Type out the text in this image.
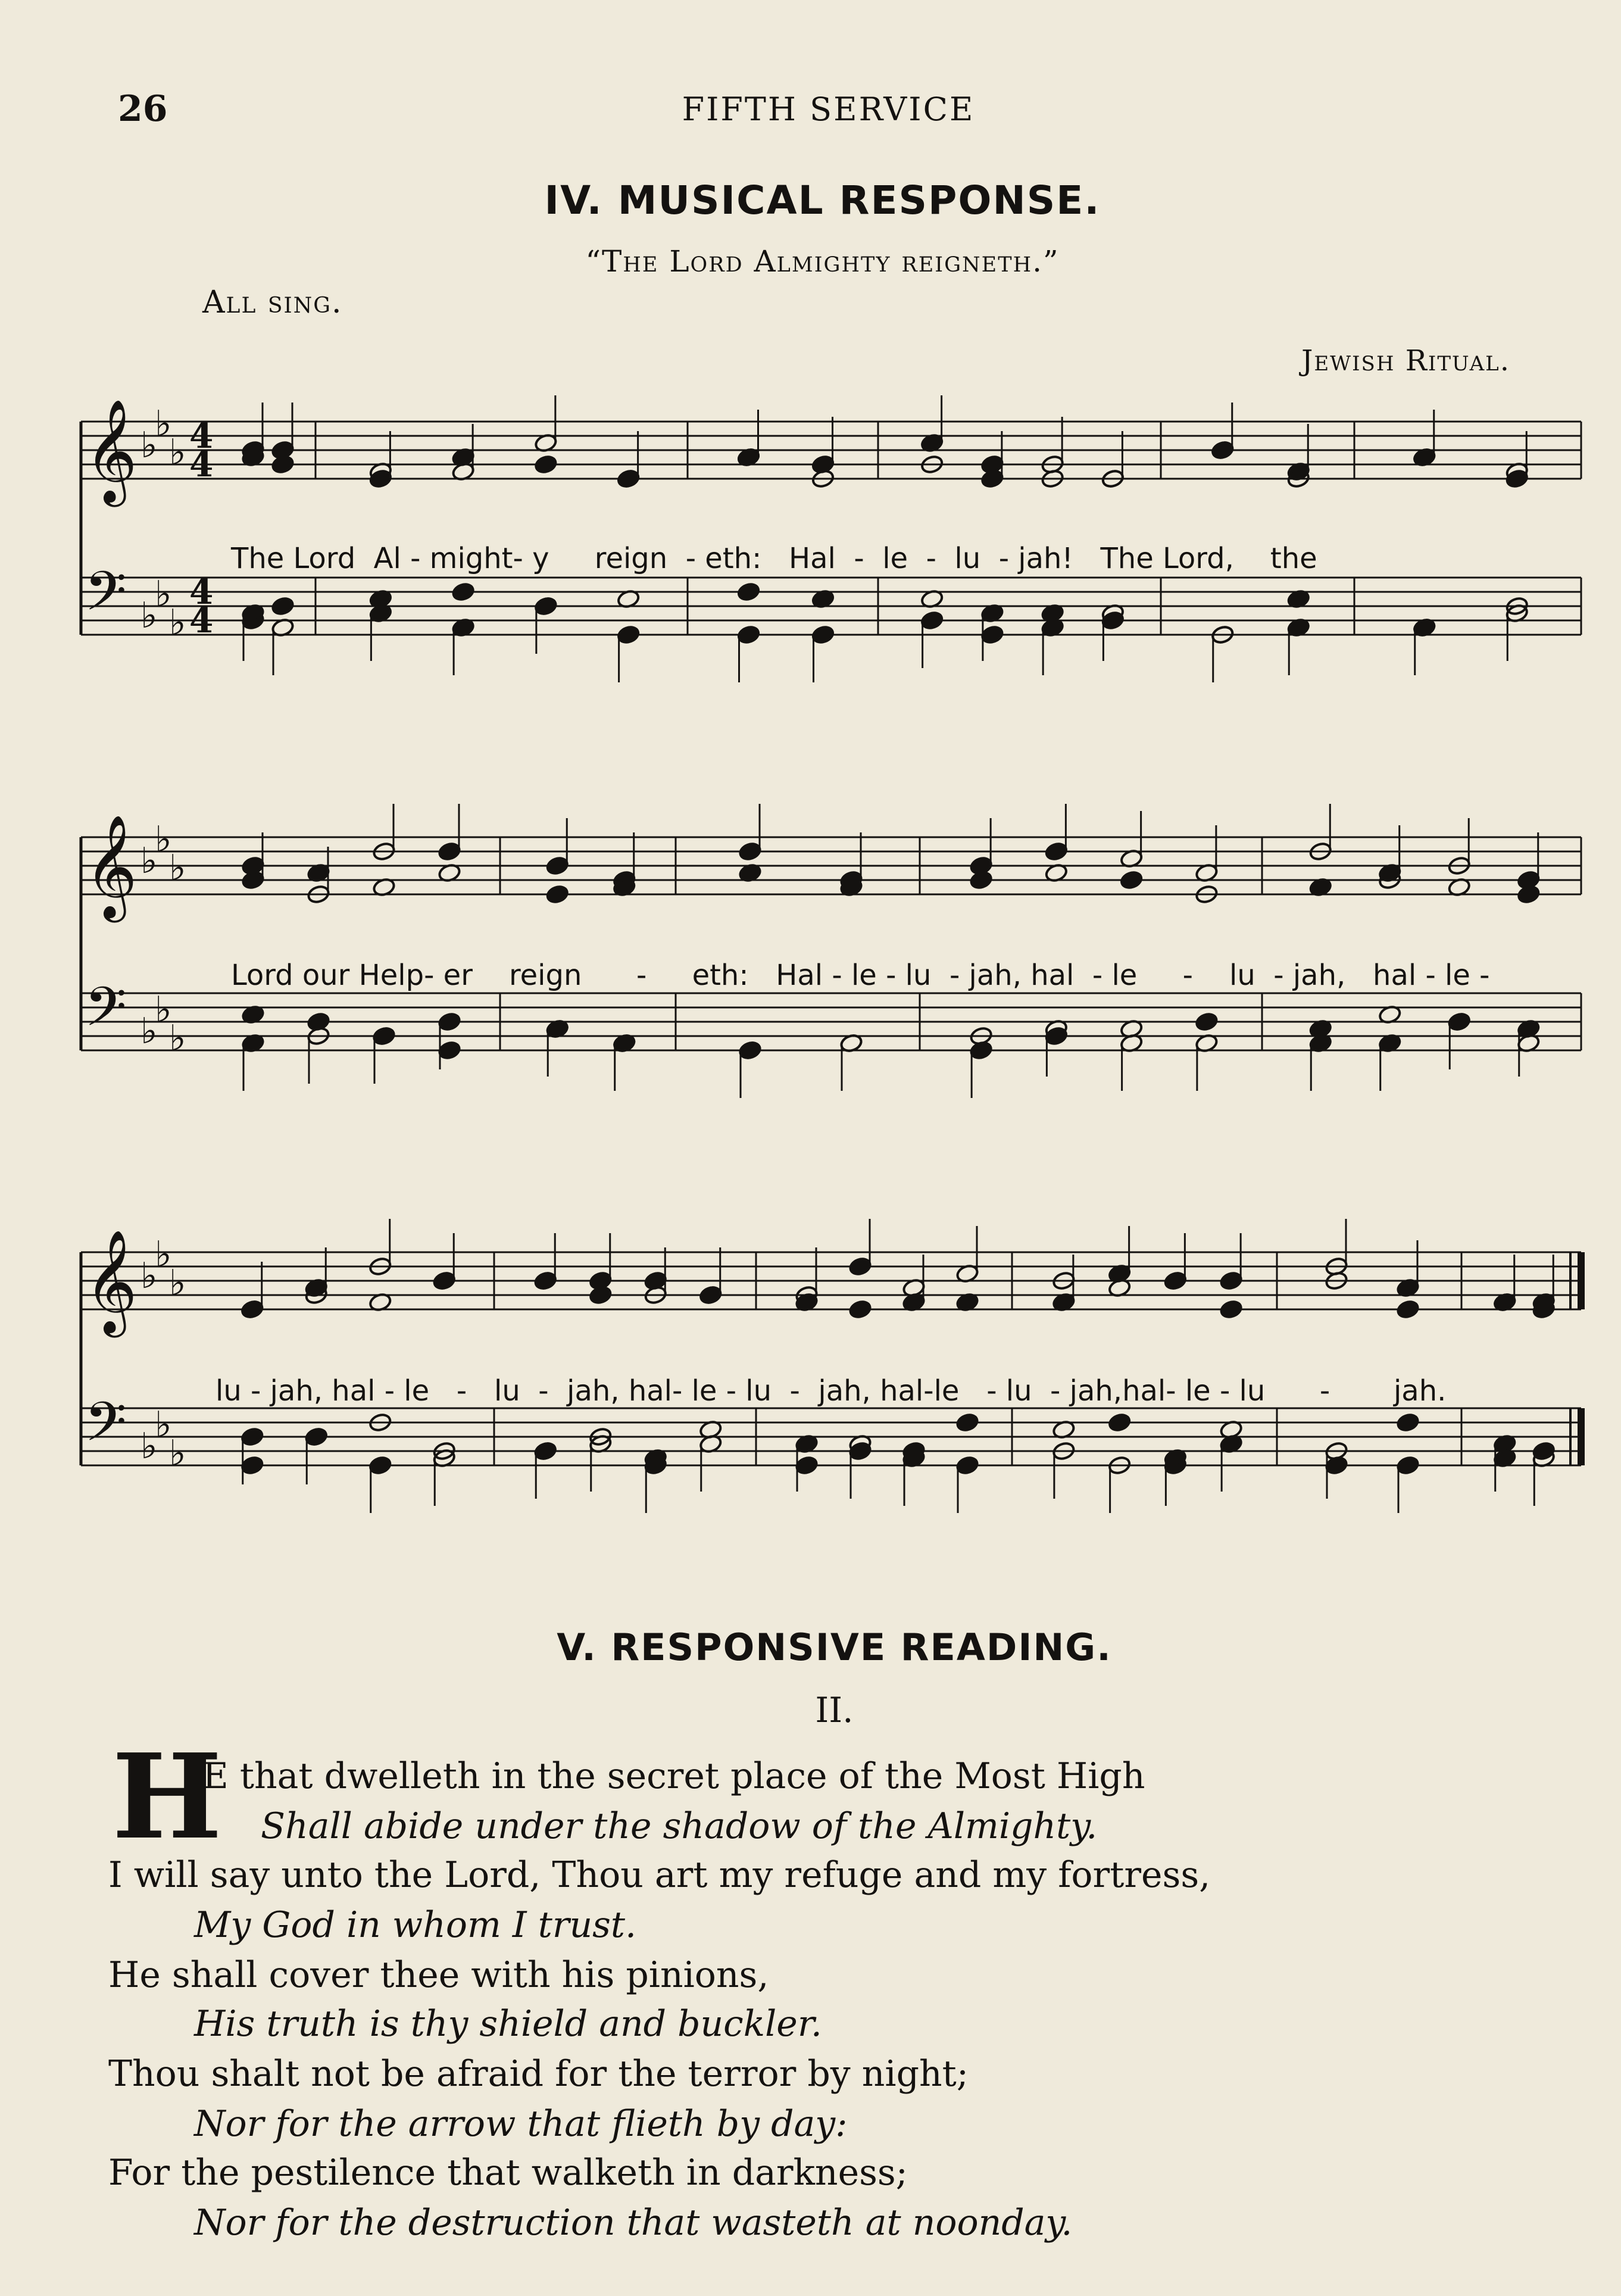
26	FIFTH SERVICE
IV. MUSICAL RESPONSE.
“The Lord Almighty reigneth.”
All sing.
Jewish Ritual.
𝄞
𝄢
♭
♭
♭
♭
♭
♭
4
4
4
4
𝄞
𝄢
♭
♭
♭
♭
♭
♭
𝄞
𝄢
♭
♭
♭
♭
♭
♭
The Lord  Al - might- y     reign  - eth:   Hal  -  le  -  lu  - jah!   The Lord,    the
Lord our Help- er    reign      -     eth:   Hal - le - lu  - jah, hal  - le     -    lu  - jah,   hal - le -
lu - jah, hal - le   -   lu  -  jah, hal- le - lu  -  jah, hal-le   - lu  - jah,hal- le - lu      -       jah.
V. RESPONSIVE READING.
II.
H
E that dwelleth in the secret place of the Most High
Shall abide under the shadow of the Almighty.
I will say unto the Lord, Thou art my refuge and my fortress,
My God in whom I trust.
He shall cover thee with his pinions,
His truth is thy shield and buckler.
Thou shalt not be afraid for the terror by night;
Nor for the arrow that flieth by day:
For the pestilence that walketh in darkness;
Nor for the destruction that wasteth at noonday.
